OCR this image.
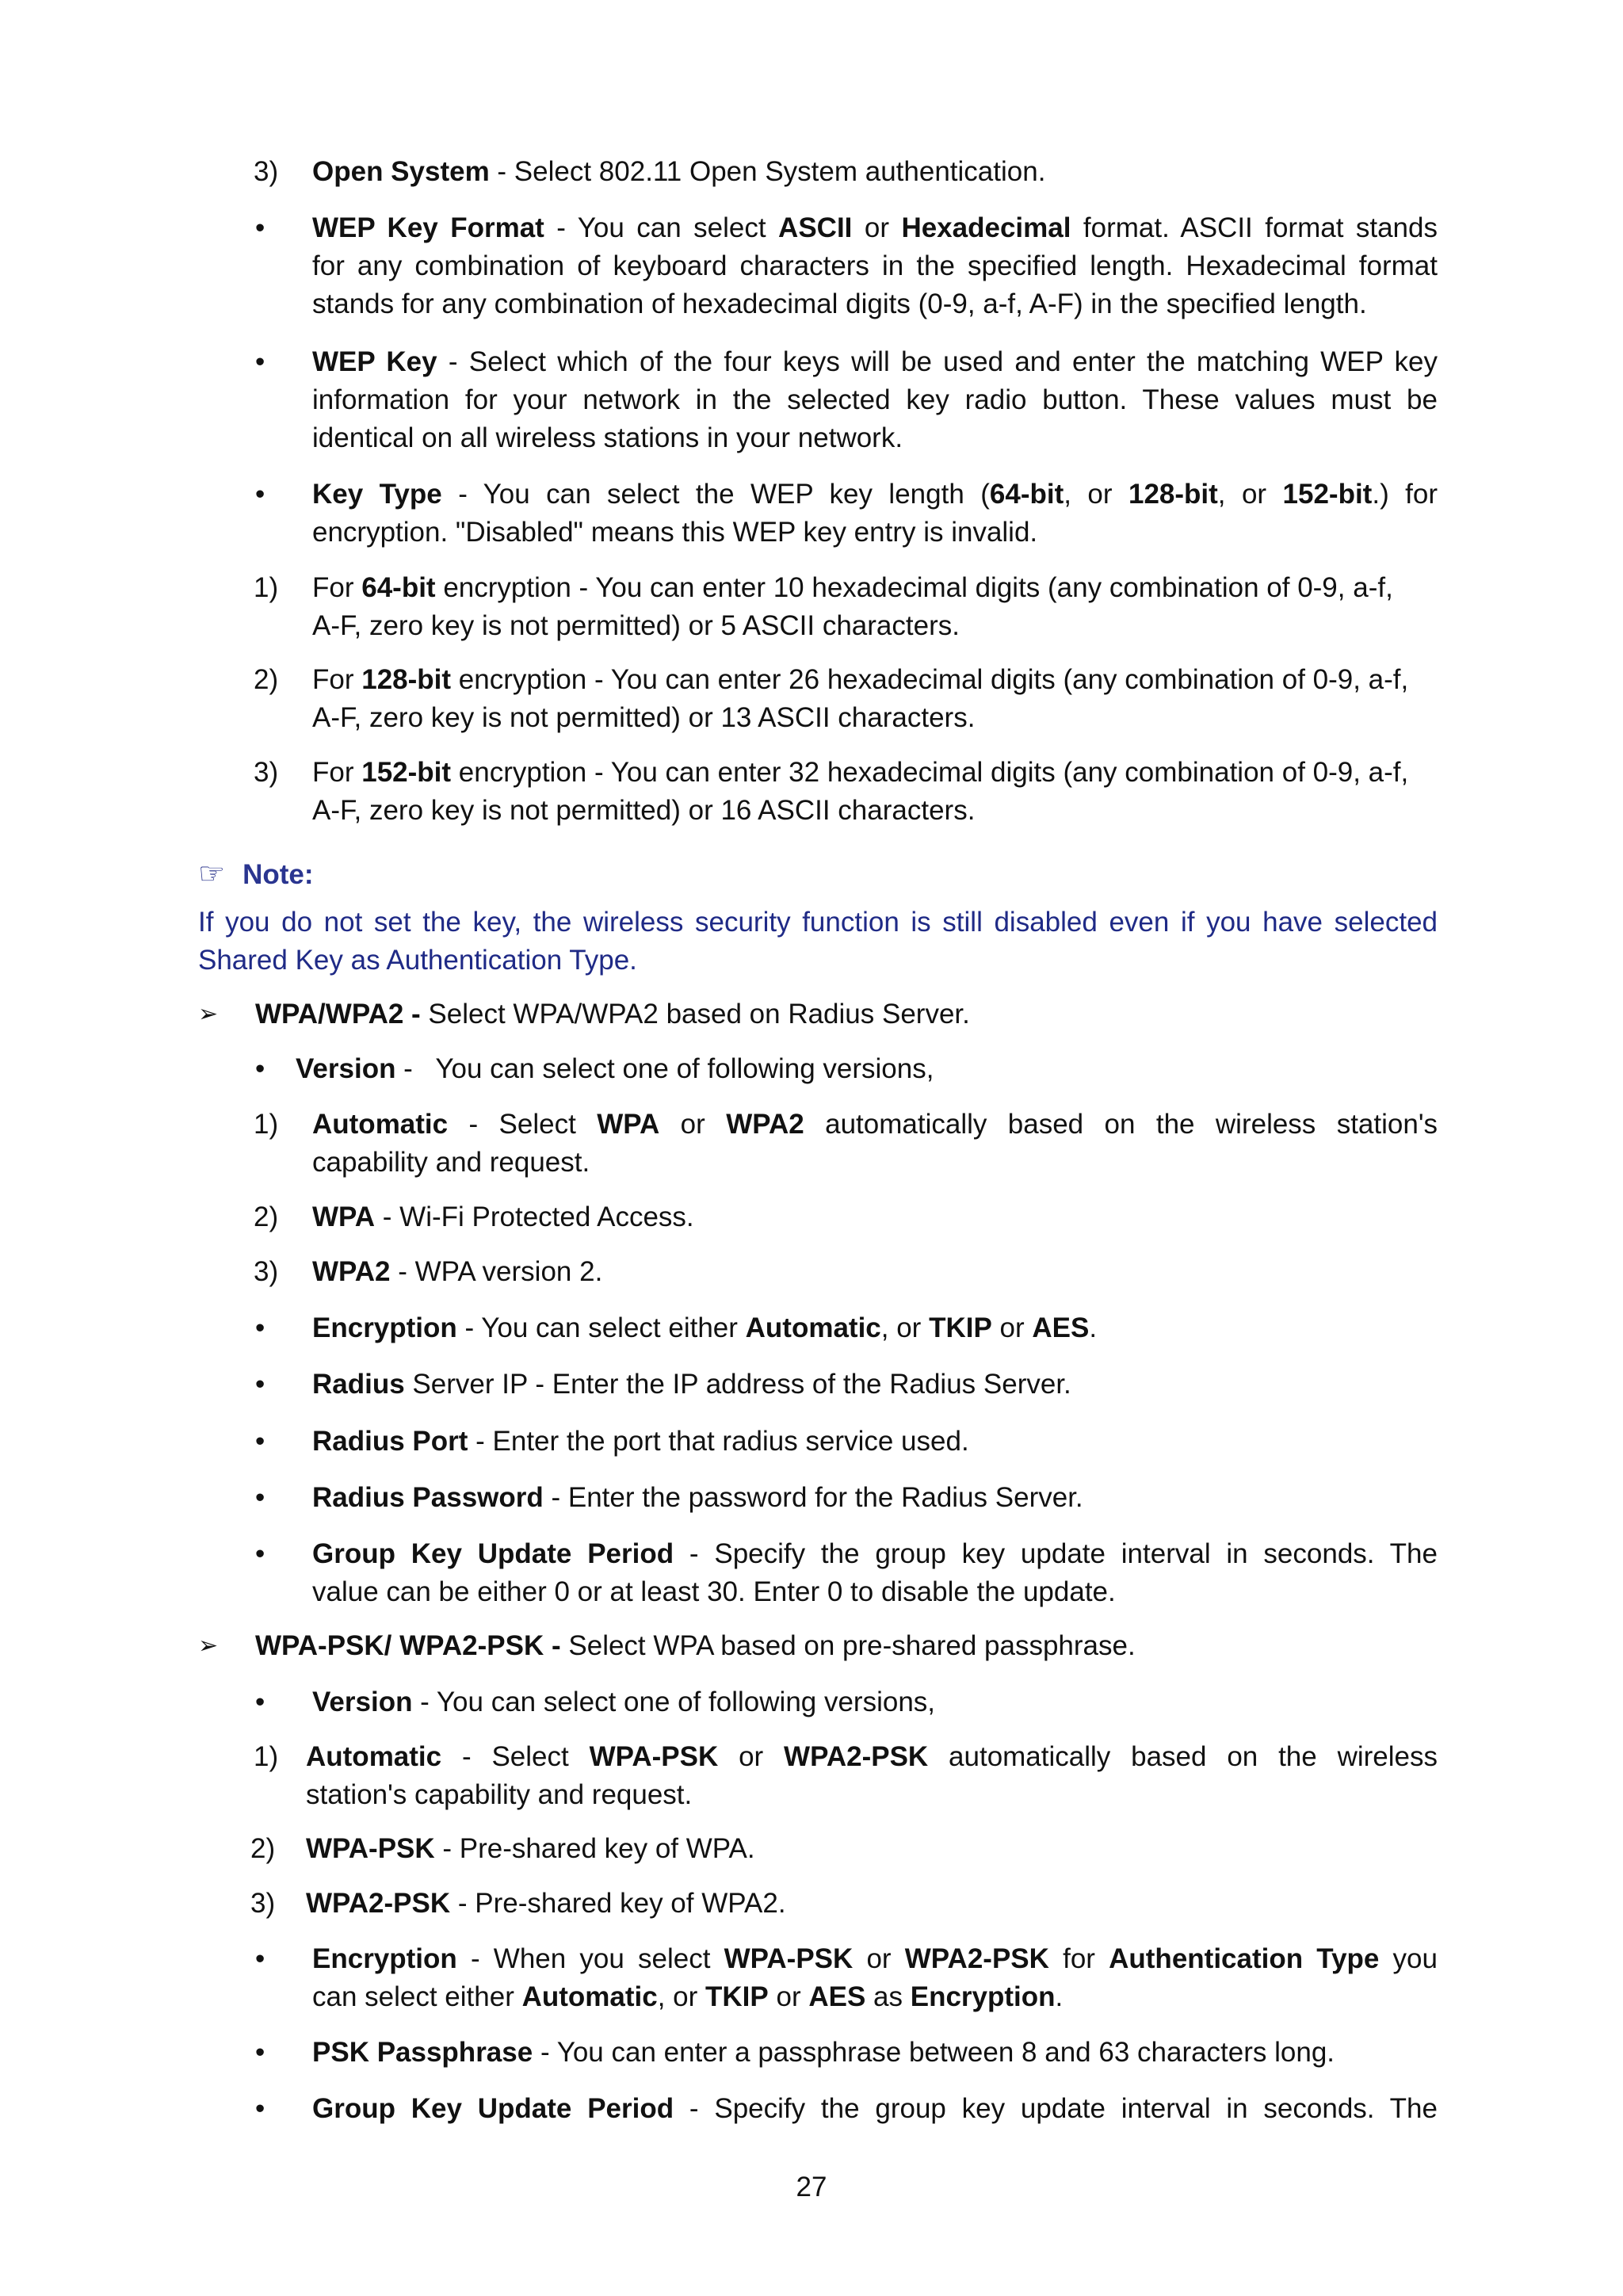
3) Open System - Select 802.11 Open System authentication.
• WEP Key Format - You can select ASCII or Hexadecimal format. ASCII format stands
for any combination of keyboard characters in the specified length. Hexadecimal format
stands for any combination of hexadecimal digits (0-9, a-f, A-F) in the specified length.
• WEP Key - Select which of the four keys will be used and enter the matching WEP key
information for your network in the selected key radio button. These values must be
identical on all wireless stations in your network.
• Key Type - You can select the WEP key length (64-bit, or 128-bit, or 152-bit.) for
encryption. "Disabled" means this WEP key entry is invalid.
1) For 64-bit encryption - You can enter 10 hexadecimal digits (any combination of 0-9, a-f,
A-F, zero key is not permitted) or 5 ASCII characters.
2) For 128-bit encryption - You can enter 26 hexadecimal digits (any combination of 0-9, a-f,
A-F, zero key is not permitted) or 13 ASCII characters.
3) For 152-bit encryption - You can enter 32 hexadecimal digits (any combination of 0-9, a-f,
A-F, zero key is not permitted) or 16 ASCII characters.
☞ Note:
If you do not set the key, the wireless security function is still disabled even if you have selected
Shared Key as Authentication Type.
➢ WPA/WPA2 - Select WPA/WPA2 based on Radius Server.
• Version -   You can select one of following versions,
1) Automatic - Select WPA or WPA2 automatically based on the wireless station's
capability and request.
2) WPA - Wi-Fi Protected Access.
3) WPA2 - WPA version 2.
• Encryption - You can select either Automatic, or TKIP or AES.
• Radius Server IP - Enter the IP address of the Radius Server.
• Radius Port - Enter the port that radius service used.
• Radius Password - Enter the password for the Radius Server.
• Group Key Update Period - Specify the group key update interval in seconds. The
value can be either 0 or at least 30. Enter 0 to disable the update.
➢ WPA-PSK/ WPA2-PSK - Select WPA based on pre-shared passphrase.
• Version - You can select one of following versions,
1) Automatic - Select WPA-PSK or WPA2-PSK automatically based on the wireless
station's capability and request.
2) WPA-PSK - Pre-shared key of WPA.
3) WPA2-PSK - Pre-shared key of WPA2.
• Encryption - When you select WPA-PSK or WPA2-PSK for Authentication Type you
can select either Automatic, or TKIP or AES as Encryption.
• PSK Passphrase - You can enter a passphrase between 8 and 63 characters long.
• Group Key Update Period - Specify the group key update interval in seconds. The
27
